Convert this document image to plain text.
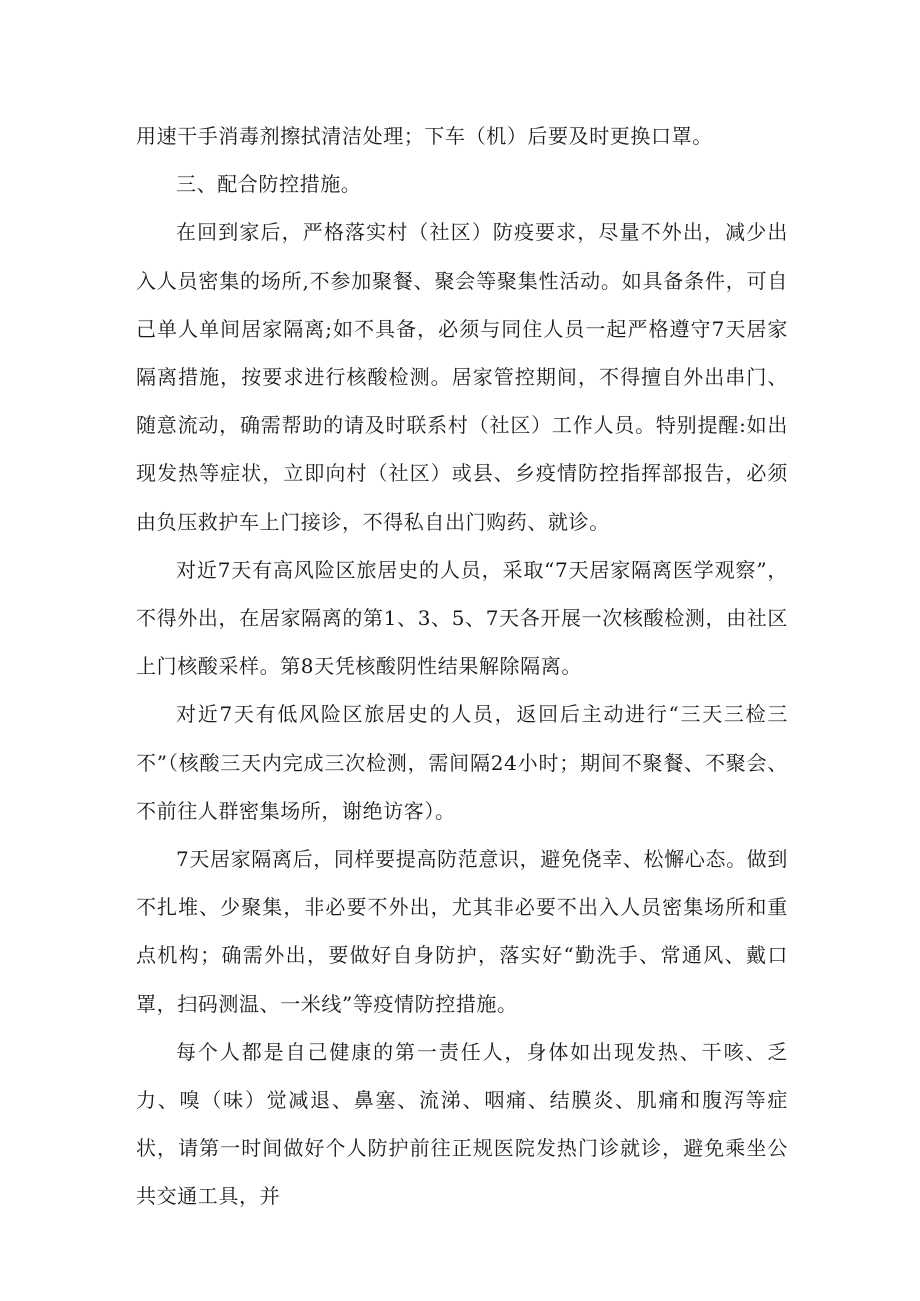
用速干手消毒剂擦拭清洁处理；下车（机）后要及时更换口罩。

三、配合防控措施。

在回到家后，严格落实村（社区）防疫要求，尽量不外出，减少出入人员密集的场所,不参加聚餐、聚会等聚集性活动。如具备条件，可自己单人单间居家隔离;如不具备，必须与同住人员一起严格遵守7天居家隔离措施，按要求进行核酸检测。居家管控期间，不得擅自外出串门、随意流动，确需帮助的请及时联系村（社区）工作人员。特别提醒:如出现发热等症状，立即向村（社区）或县、乡疫情防控指挥部报告，必须由负压救护车上门接诊，不得私自出门购药、就诊。

对近7天有高风险区旅居史的人员，采取“7天居家隔离医学观察”，不得外出，在居家隔离的第1、3、5、7天各开展一次核酸检测，由社区上门核酸采样。第8天凭核酸阴性结果解除隔离。

对近7天有低风险区旅居史的人员，返回后主动进行“三天三检三不”（核酸三天内完成三次检测，需间隔24小时；期间不聚餐、不聚会、不前往人群密集场所，谢绝访客）。

7天居家隔离后，同样要提高防范意识，避免侥幸、松懈心态。做到不扎堆、少聚集，非必要不外出，尤其非必要不出入人员密集场所和重点机构；确需外出，要做好自身防护，落实好“勤洗手、常通风、戴口罩，扫码测温、一米线”等疫情防控措施。

每个人都是自己健康的第一责任人，身体如出现发热、干咳、乏力、嗅（味）觉减退、鼻塞、流涕、咽痛、结膜炎、肌痛和腹泻等症状，请第一时间做好个人防护前往正规医院发热门诊就诊，避免乘坐公共交通工具，并
